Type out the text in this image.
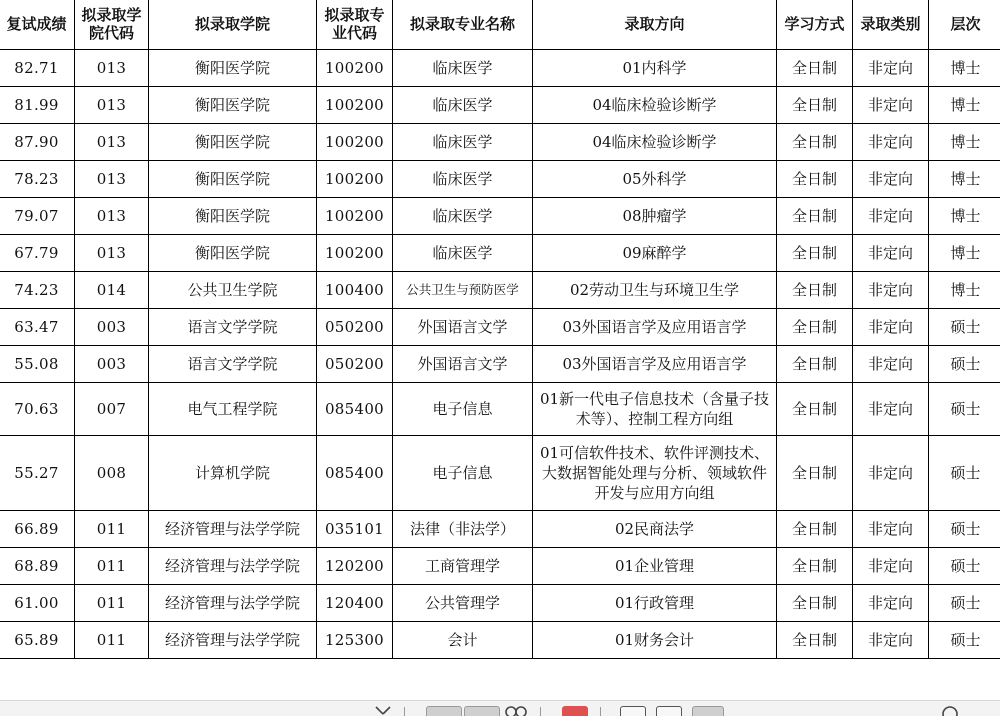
复试成绩	拟录取学院代码	拟录取学院	拟录取专业代码	拟录取专业名称	录取方向	学习方式	录取类别	层次
82.71	013	衡阳医学院	100200	临床医学	01内科学	全日制	非定向	博士
81.99	013	衡阳医学院	100200	临床医学	04临床检验诊断学	全日制	非定向	博士
87.90	013	衡阳医学院	100200	临床医学	04临床检验诊断学	全日制	非定向	博士
78.23	013	衡阳医学院	100200	临床医学	05外科学	全日制	非定向	博士
79.07	013	衡阳医学院	100200	临床医学	08肿瘤学	全日制	非定向	博士
67.79	013	衡阳医学院	100200	临床医学	09麻醉学	全日制	非定向	博士
74.23	014	公共卫生学院	100400	公共卫生与预防医学	02劳动卫生与环境卫生学	全日制	非定向	博士
63.47	003	语言文学学院	050200	外国语言文学	03外国语言学及应用语言学	全日制	非定向	硕士
55.08	003	语言文学学院	050200	外国语言文学	03外国语言学及应用语言学	全日制	非定向	硕士
70.63	007	电气工程学院	085400	电子信息	01新一代电子信息技术（含量子技术等）、控制工程方向组	全日制	非定向	硕士
55.27	008	计算机学院	085400	电子信息	01可信软件技术、软件评测技术、大数据智能处理与分析、领域软件开发与应用方向组	全日制	非定向	硕士
66.89	011	经济管理与法学学院	035101	法律（非法学）	02民商法学	全日制	非定向	硕士
68.89	011	经济管理与法学学院	120200	工商管理学	01企业管理	全日制	非定向	硕士
61.00	011	经济管理与法学学院	120400	公共管理学	01行政管理	全日制	非定向	硕士
65.89	011	经济管理与法学学院	125300	会计	01财务会计	全日制	非定向	硕士
